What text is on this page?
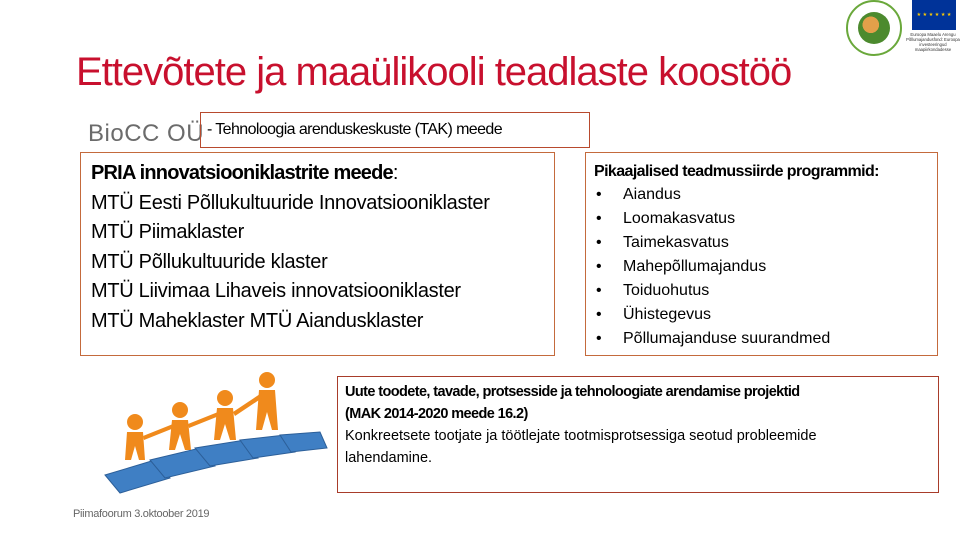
Ettevõtete ja maaülikooli teadlaste koostöö
★ ★ ★ ★ ★ ★
Euroopa Maaelu Arengu Põllumajandusfond: Euroopa investeeringud maapiirkondadesse
BioCC OÜ - Tehnoloogia arenduskeskuste (TAK) meede
PRIA innovatsiooniklastrite meede:
MTÜ Eesti Põllukultuuride Innovatsiooniklaster
MTÜ Piimaklaster
MTÜ Põllukultuuride klaster
MTÜ Liivimaa Lihaveis innovatsiooniklaster
MTÜ Maheklaster MTÜ Aiandusklaster
Pikaajalised teadmussiirde programmid:
•	Aiandus
•	Loomakasvatus
•	Taimekasvatus
•	Mahepõllumajandus
•	Toiduohutus
•	Ühistegevus
•	Põllumajanduse suurandmed
Uute toodete, tavade, protsesside ja tehnoloogiate arendamise projektid
(MAK 2014-2020 meede 16.2)
Konkreetsete tootjate ja töötlejate tootmisprotsessiga seotud probleemide
lahendamine.
Piimafoorum 3.oktoober 2019
